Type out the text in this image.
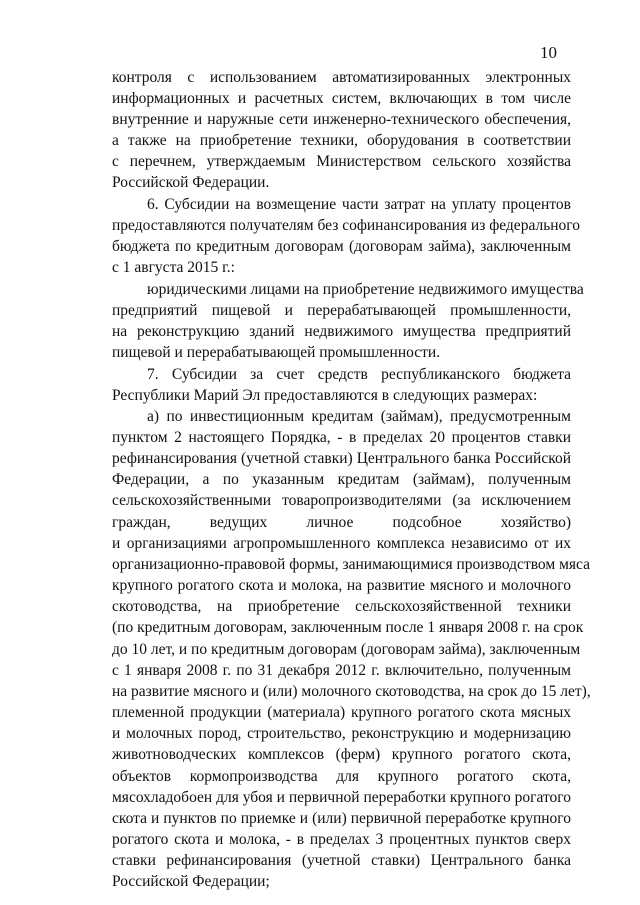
10
контроля с использованием автоматизированных электронных
информационных и расчетных систем, включающих в том числе
внутренние и наружные сети инженерно-технического обеспечения,
а также на приобретение техники, оборудования в соответствии
с перечнем, утверждаемым Министерством сельского хозяйства
Российской Федерации.
6. Субсидии на возмещение части затрат на уплату процентов
предоставляются получателям без софинансирования из федерального
бюджета по кредитным договорам (договорам займа), заключенным
с 1 августа 2015 г.:
юридическими лицами на приобретение недвижимого имущества
предприятий пищевой и перерабатывающей промышленности,
на реконструкцию зданий недвижимого имущества предприятий
пищевой и перерабатывающей промышленности.
7. Субсидии за счет средств республиканского бюджета
Республики Марий Эл предоставляются в следующих размерах:
а) по инвестиционным кредитам (займам), предусмотренным
пунктом 2 настоящего Порядка, - в пределах 20 процентов ставки
рефинансирования (учетной ставки) Центрального банка Российской
Федерации, а по указанным кредитам (займам), полученным
сельскохозяйственными товаропроизводителями (за исключением
граждан, ведущих личное подсобное хозяйство)
и организациями агропромышленного комплекса независимо от их
организационно-правовой формы, занимающимися производством мяса
крупного рогатого скота и молока, на развитие мясного и молочного
скотоводства, на приобретение сельскохозяйственной техники
(по кредитным договорам, заключенным после 1 января 2008 г. на срок
до 10 лет, и по кредитным договорам (договорам займа), заключенным
с 1 января 2008 г. по 31 декабря 2012 г. включительно, полученным
на развитие мясного и (или) молочного скотоводства, на срок до 15 лет),
племенной продукции (материала) крупного рогатого скота мясных
и молочных пород, строительство, реконструкцию и модернизацию
животноводческих комплексов (ферм) крупного рогатого скота,
объектов кормопроизводства для крупного рогатого скота,
мясохладобоен для убоя и первичной переработки крупного рогатого
скота и пунктов по приемке и (или) первичной переработке крупного
рогатого скота и молока, - в пределах 3 процентных пунктов сверх
ставки рефинансирования (учетной ставки) Центрального банка
Российской Федерации;
